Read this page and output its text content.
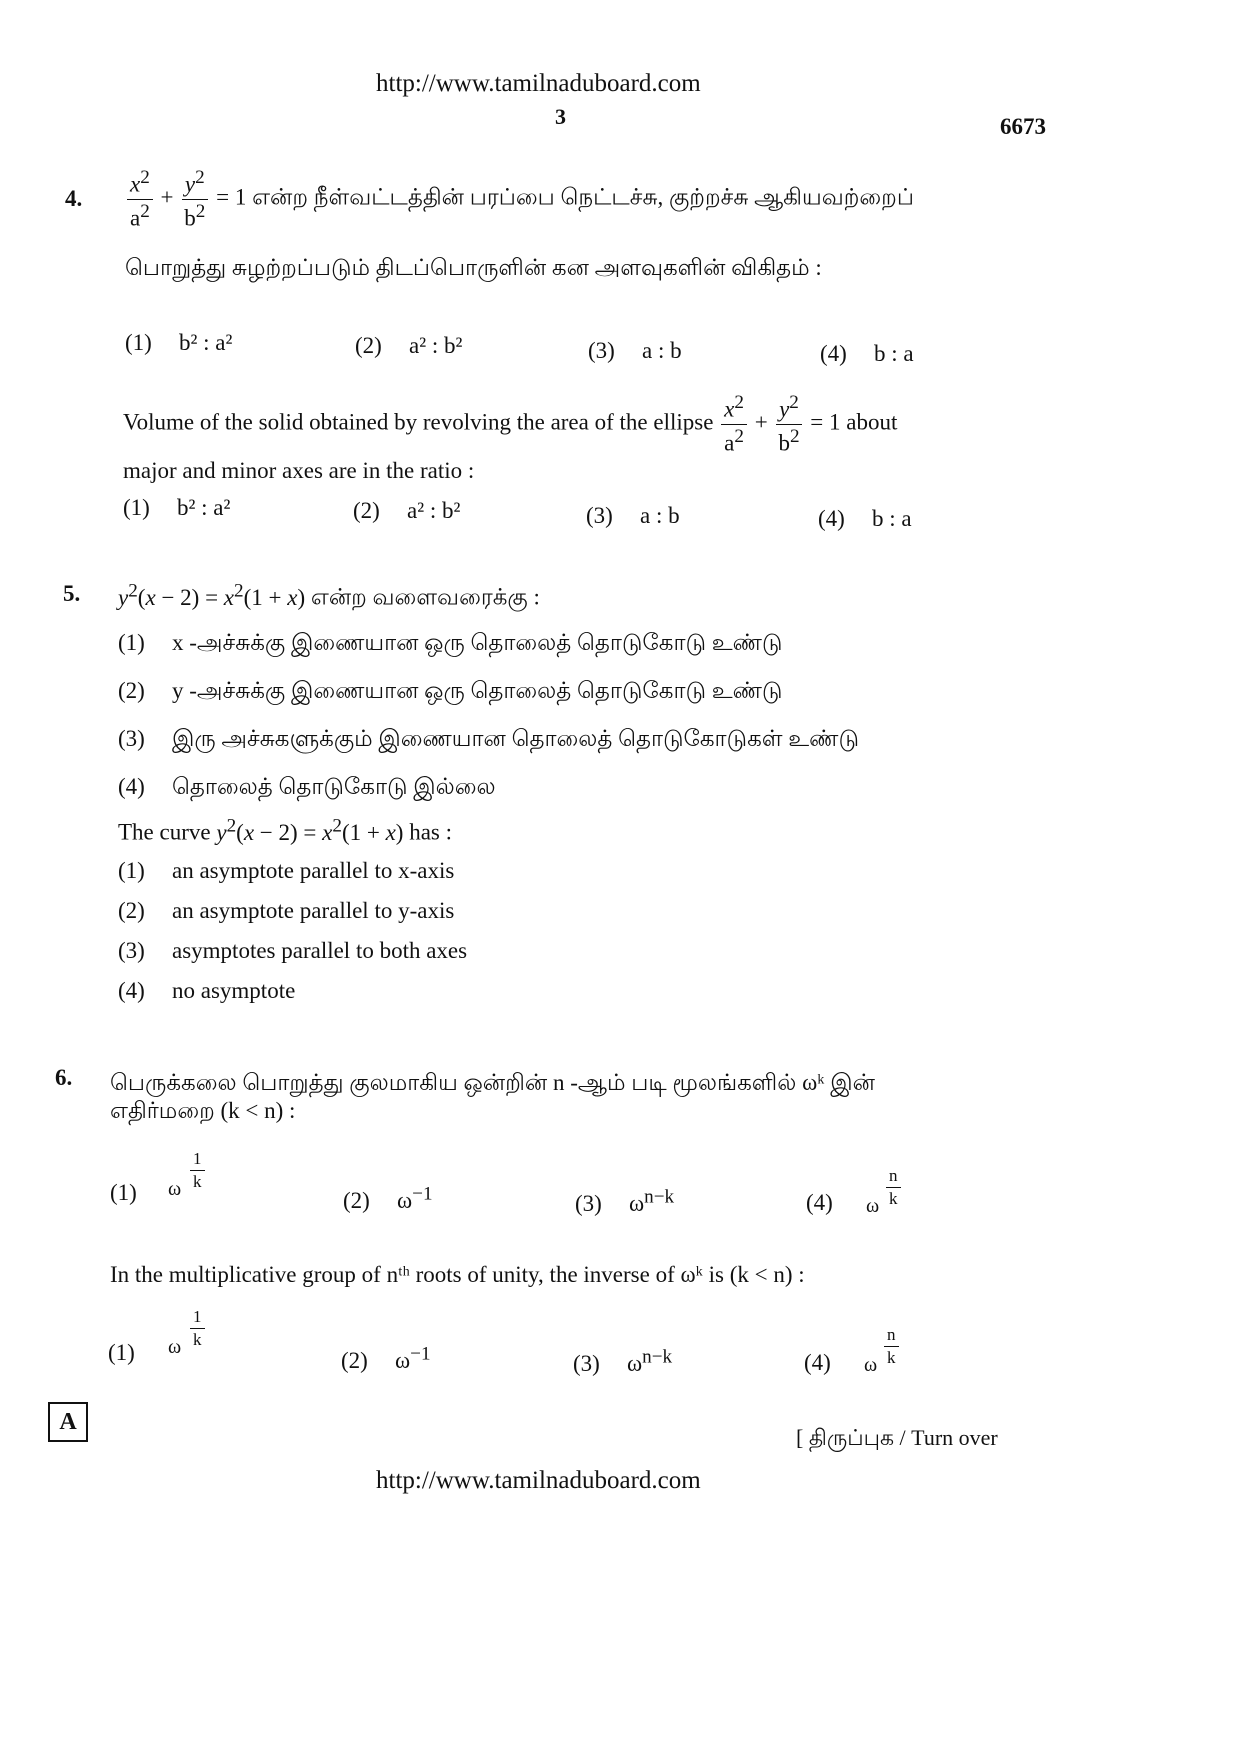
http://www.tamilnaduboard.com
3	6673
4. $\frac{x^2}{a^2} + \frac{y^2}{b^2} = 1$ என்ற நீள்வட்டத்தின் பரப்பை நெட்டச்சு, குற்றச்சு ஆகியவற்றைப்
பொறுத்து சுழற்றப்படும் திடப்பொருளின் கன அளவுகளின் விகிதம் :
(1) b² : a²	(2) a² : b²	(3) a : b	(4) b : a
Volume of the solid obtained by revolving the area of the ellipse $\frac{x^2}{a^2} + \frac{y^2}{b^2} = 1$ about
major and minor axes are in the ratio :
(1) b² : a²	(2) a² : b²	(3) a : b	(4) b : a
5. $y^2(x - 2) = x^2(1 + x)$ என்ற வளைவரைக்கு :
(1) x -அச்சுக்கு இணையான ஒரு தொலைத் தொடுகோடு உண்டு
(2) y -அச்சுக்கு இணையான ஒரு தொலைத் தொடுகோடு உண்டு
(3) இரு அச்சுகளுக்கும் இணையான தொலைத் தொடுகோடுகள் உண்டு
(4) தொலைத் தொடுகோடு இல்லை
The curve $y^2(x - 2) = x^2(1 + x)$ has :
(1) an asymptote parallel to x-axis
(2) an asymptote parallel to y-axis
(3) asymptotes parallel to both axes
(4) no asymptote
6. பெருக்கலை பொறுத்து குலமாகிய ஒன்றின் n -ஆம் படி மூலங்களில் ωᵏ இன்
எதிர்மறை (k < n) :
(1)
$\frac{1}{k}$
ω	(2) $\omega^{-1}$	(3) $\omega^{n-k}$	(4)	$\frac{n}{k}$
ω
In the multiplicative group of nᵗʰ roots of unity, the inverse of ωᵏ is (k < n) :
(1)
$\frac{1}{k}$
ω
(2) $\omega^{-1}$	(3) $\omega^{n-k}$	(4)	$\frac{n}{k}$
ω
A
[ திருப்புக / Turn over
http://www.tamilnaduboard.com
